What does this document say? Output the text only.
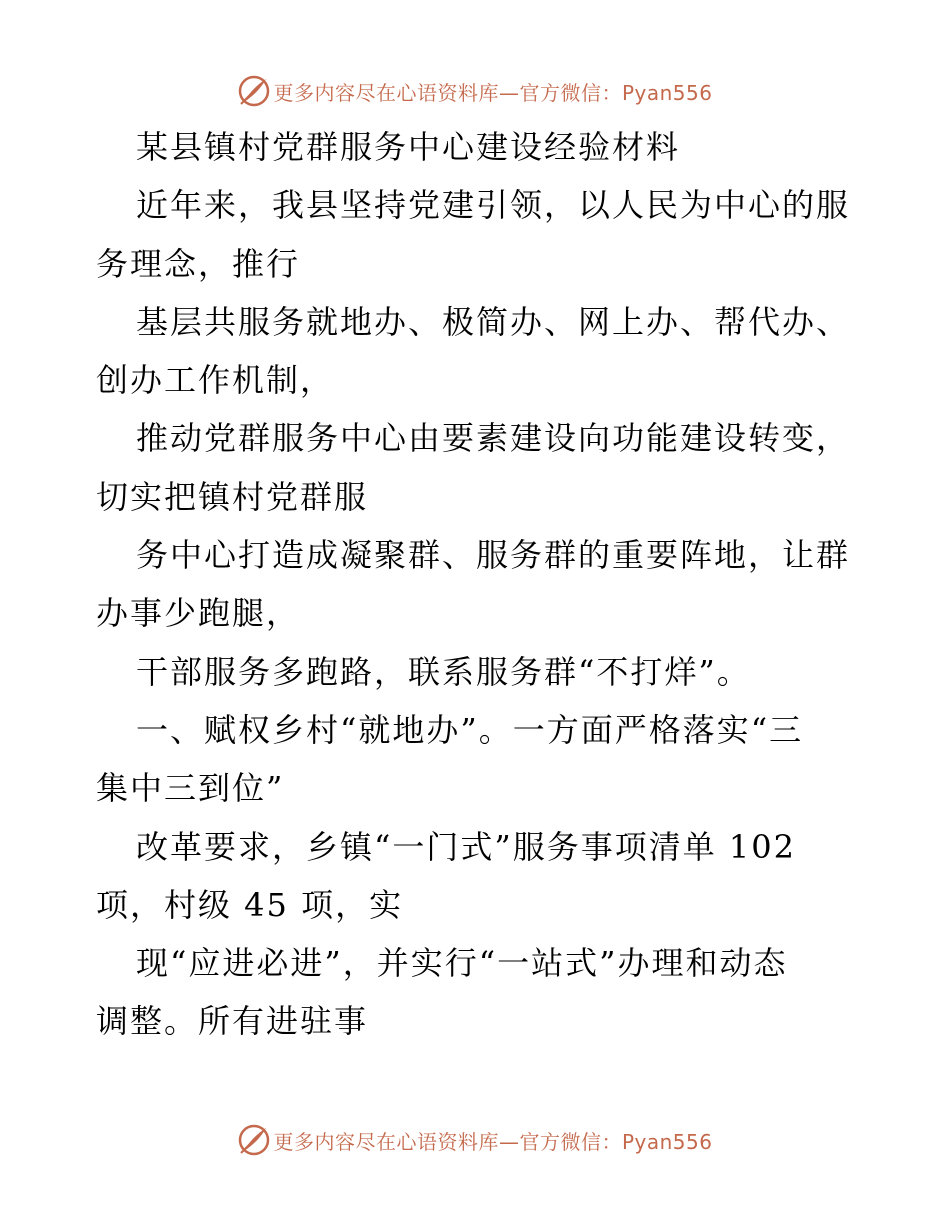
更多内容尽在心语资料库—官方微信：Pyan556
某县镇村党群服务中心建设经验材料
近年来，我县坚持党建引领，以人民为中心的服
务理念，推行
基层共服务就地办、极简办、网上办、帮代办、
创办工作机制，
推动党群服务中心由要素建设向功能建设转变，
切实把镇村党群服
务中心打造成凝聚群、服务群的重要阵地，让群
办事少跑腿，
干部服务多跑路，联系服务群“不打烊”。
一、赋权乡村“就地办”。一方面严格落实“三
集中三到位”
改革要求，乡镇“一门式”服务事项清单 102
项，村级 45 项，实
现“应进必进”，并实行“一站式”办理和动态
调整。所有进驻事
更多内容尽在心语资料库—官方微信：Pyan556
